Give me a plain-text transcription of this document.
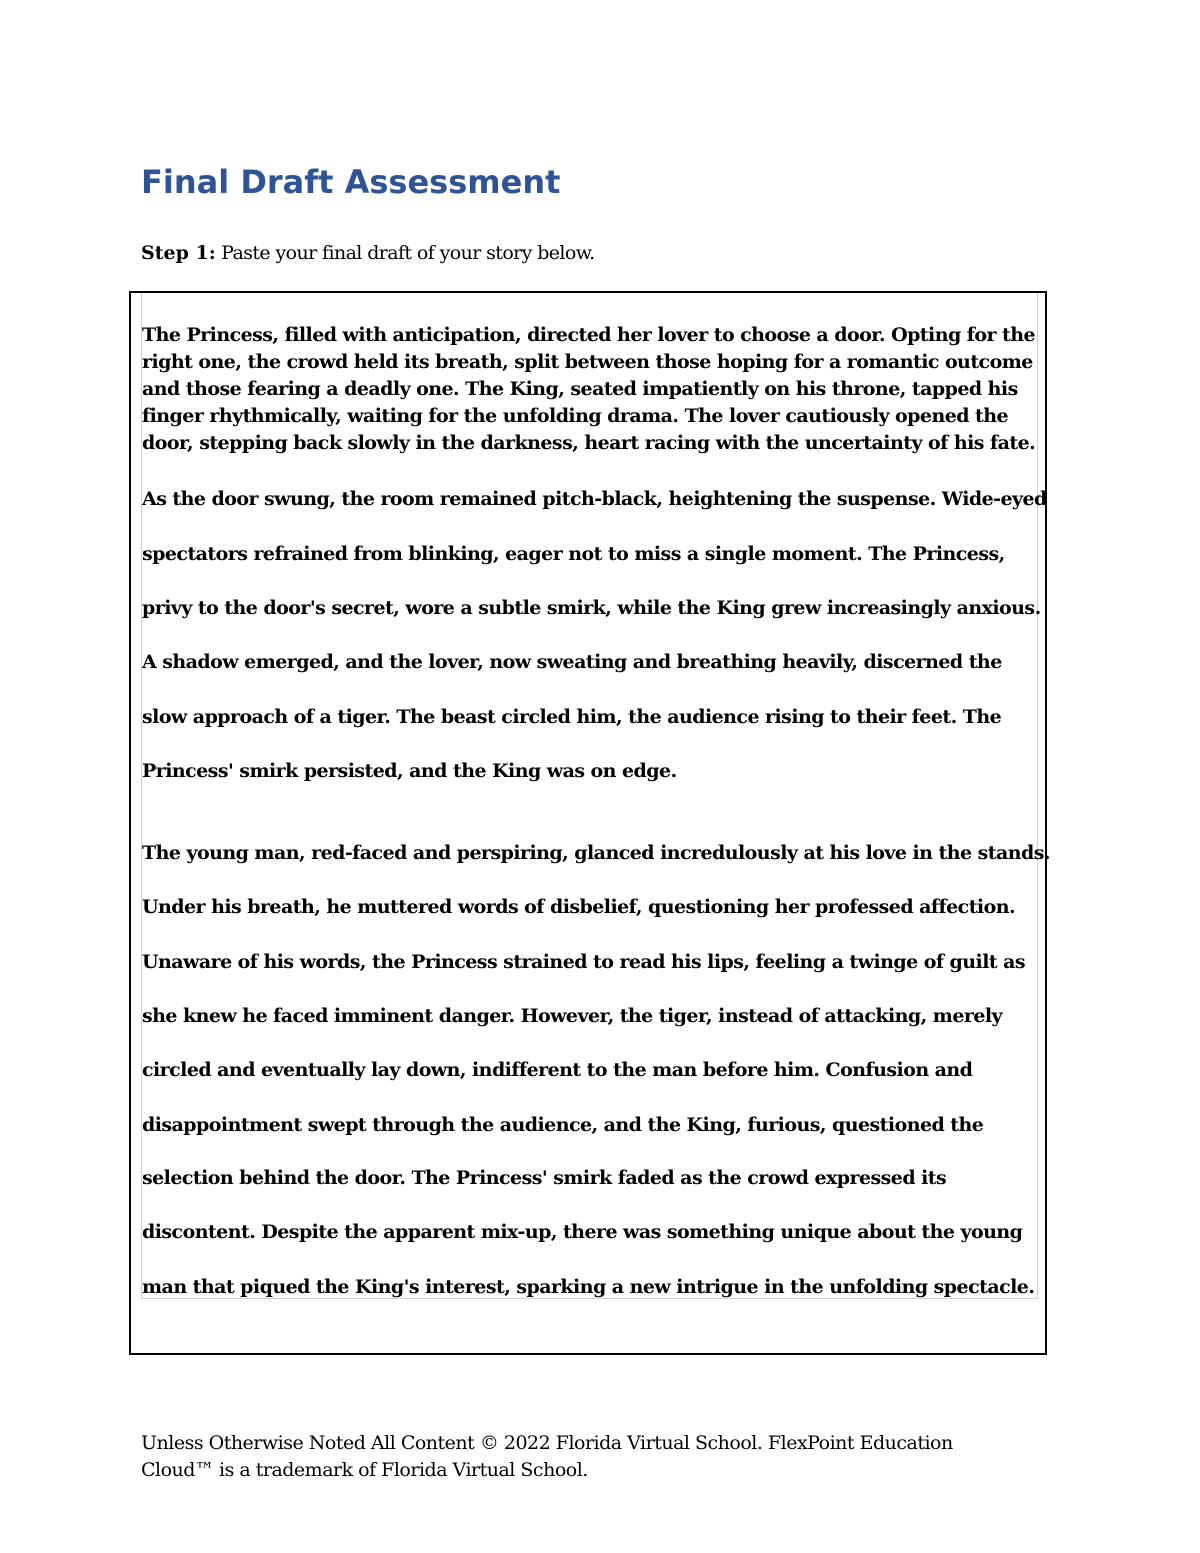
Final Draft Assessment
Step 1: Paste your final draft of your story below.
The Princess, filled with anticipation, directed her lover to choose a door. Opting for the
right one, the crowd held its breath, split between those hoping for a romantic outcome
and those fearing a deadly one. The King, seated impatiently on his throne, tapped his
finger rhythmically, waiting for the unfolding drama. The lover cautiously opened the
door, stepping back slowly in the darkness, heart racing with the uncertainty of his fate.
As the door swung, the room remained pitch-black, heightening the suspense. Wide-eyed
spectators refrained from blinking, eager not to miss a single moment. The Princess,
privy to the door's secret, wore a subtle smirk, while the King grew increasingly anxious.
A shadow emerged, and the lover, now sweating and breathing heavily, discerned the
slow approach of a tiger. The beast circled him, the audience rising to their feet. The
Princess' smirk persisted, and the King was on edge.
The young man, red-faced and perspiring, glanced incredulously at his love in the stands.
Under his breath, he muttered words of disbelief, questioning her professed affection.
Unaware of his words, the Princess strained to read his lips, feeling a twinge of guilt as
she knew he faced imminent danger. However, the tiger, instead of attacking, merely
circled and eventually lay down, indifferent to the man before him. Confusion and
disappointment swept through the audience, and the King, furious, questioned the
selection behind the door. The Princess' smirk faded as the crowd expressed its
discontent. Despite the apparent mix-up, there was something unique about the young
man that piqued the King's interest, sparking a new intrigue in the unfolding spectacle.
Unless Otherwise Noted All Content © 2022 Florida Virtual School. FlexPoint Education
Cloud™ is a trademark of Florida Virtual School.
